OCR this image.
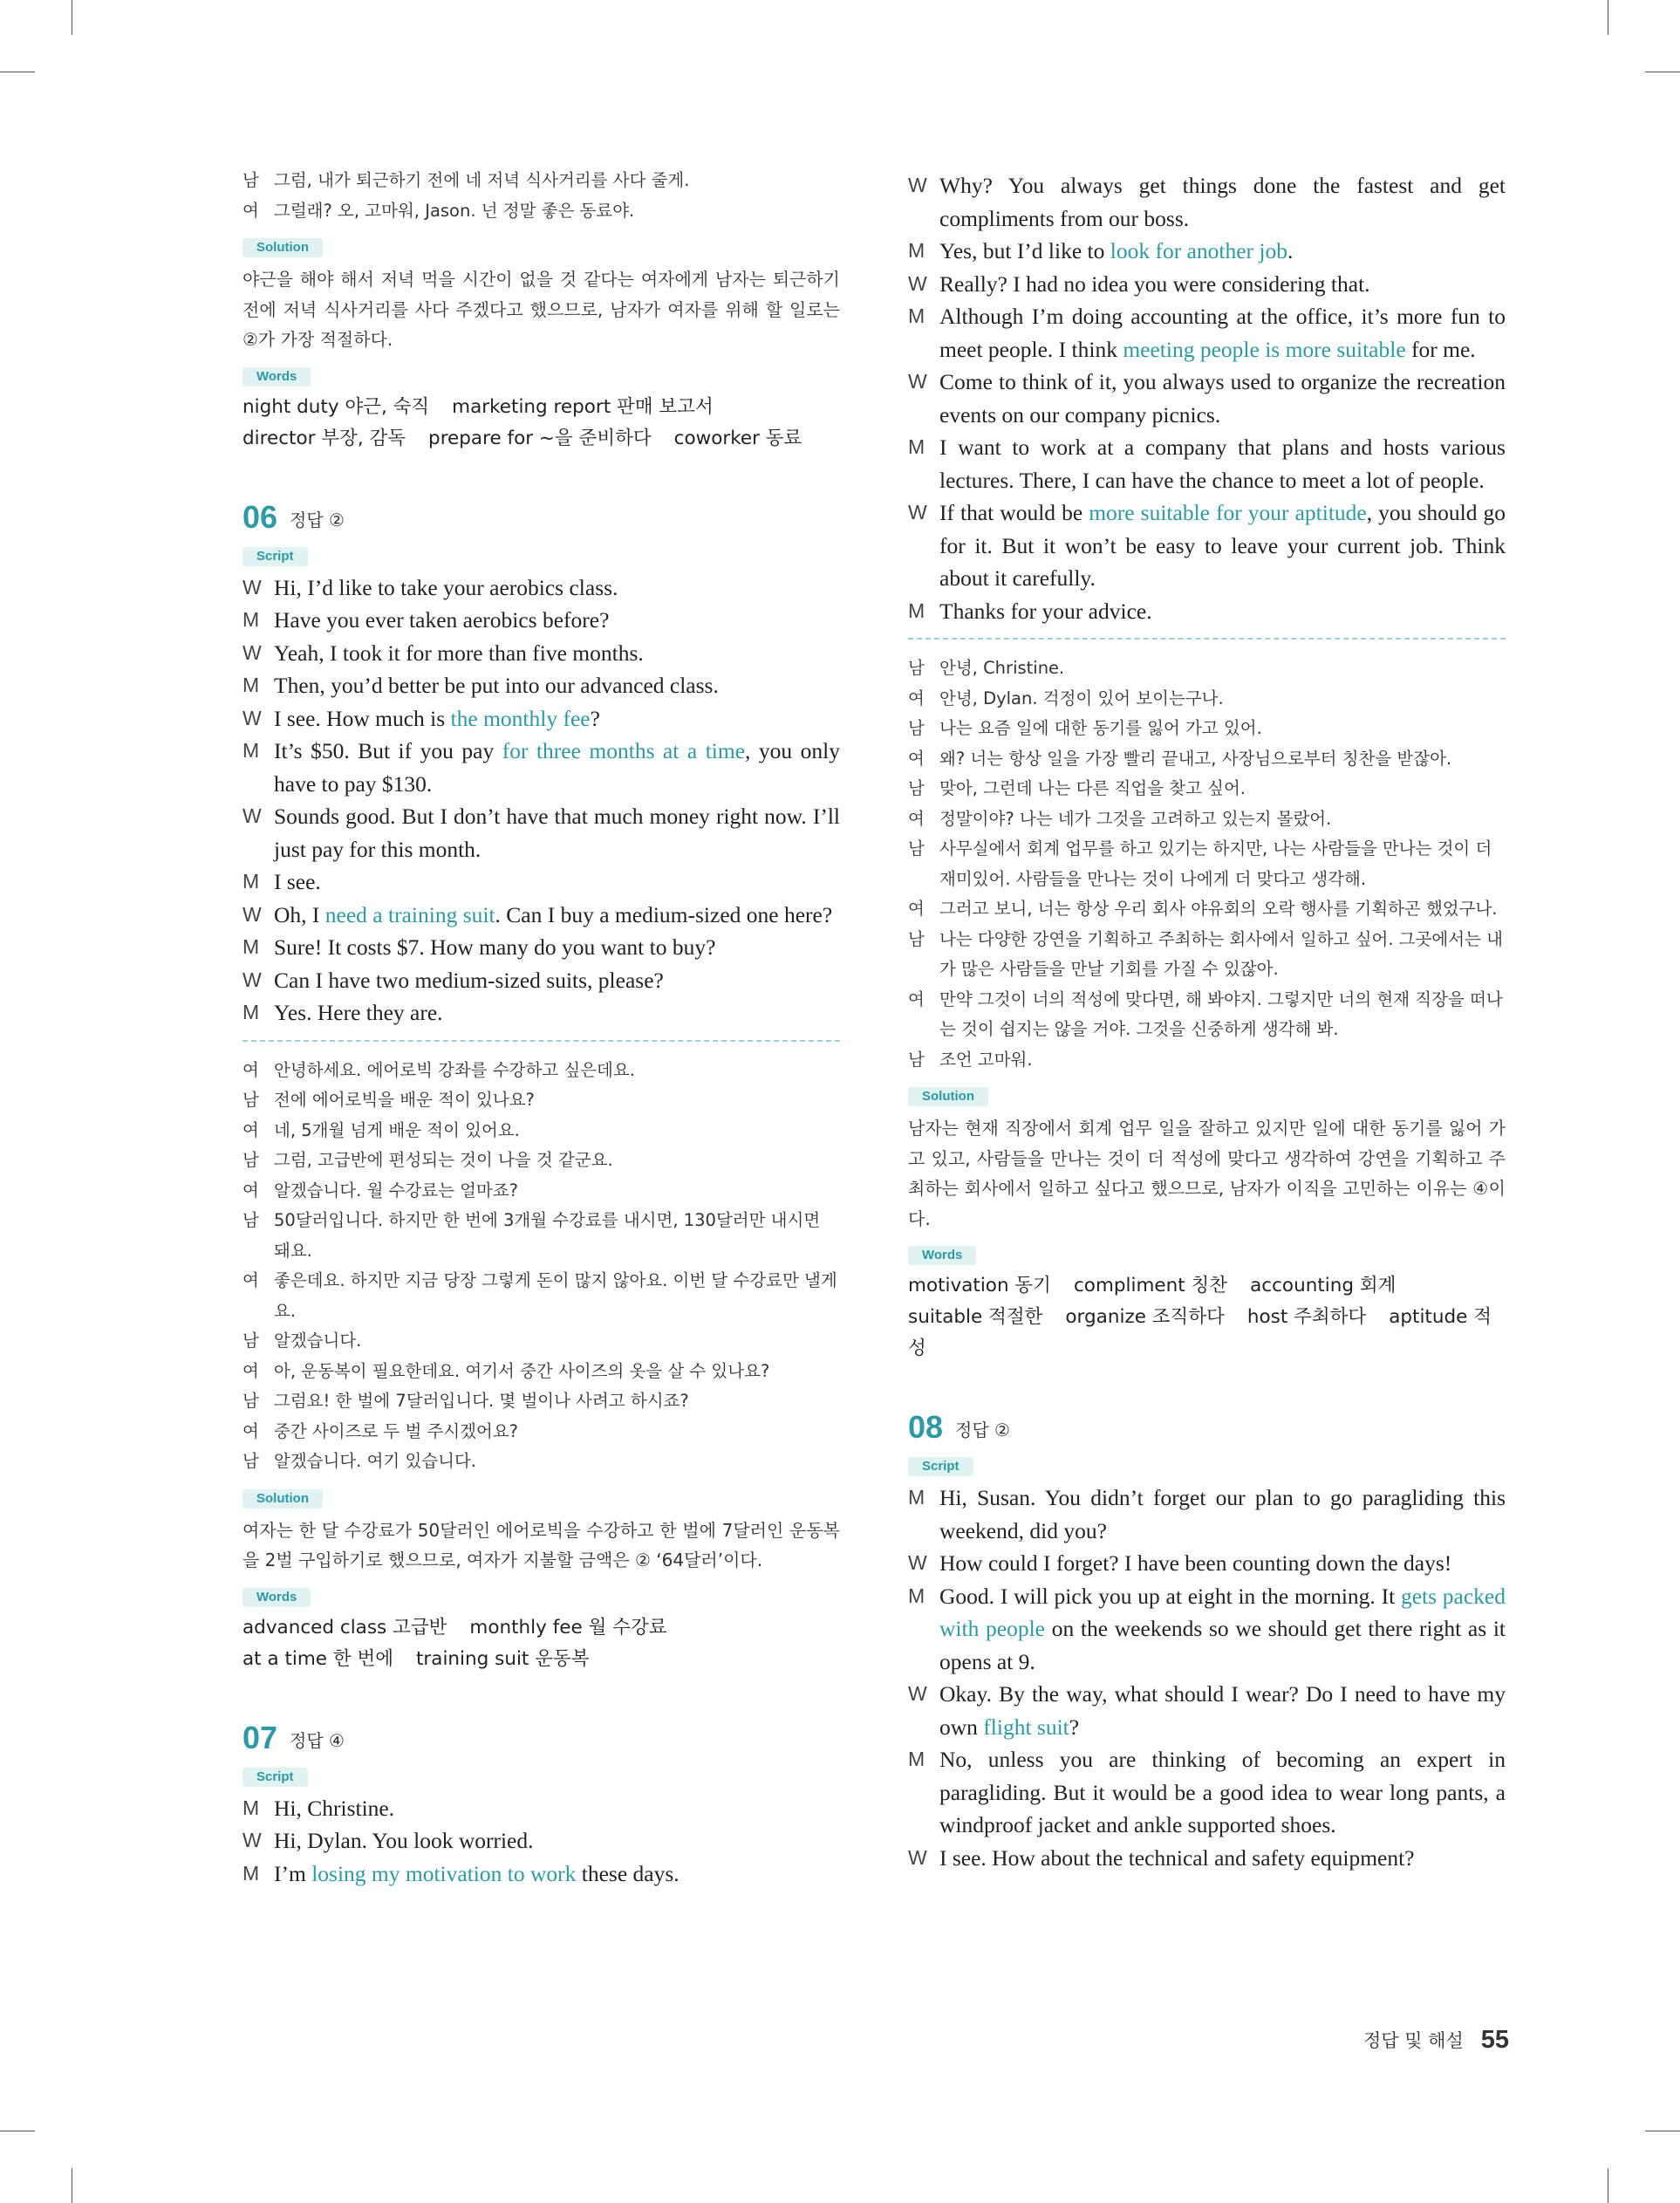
남 그럼, 내가 퇴근하기 전에 네 저녁 식사거리를 사다 줄게.
여 그럴래? 오, 고마워, Jason. 넌 정말 좋은 동료야.
Solution
야근을 해야 해서 저녁 먹을 시간이 없을 것 같다는 여자에게 남자는 퇴근하기 전에 저녁 식사거리를 사다 주겠다고 했으므로, 남자가 여자를 위해 할 일로는 ②가 가장 적절하다.
Words
night duty 야근, 숙직 marketing report 판매 보고서
director 부장, 감독 prepare for ~을 준비하다 coworker 동료
06 정답 ②
Script
W Hi, I’d like to take your aerobics class.
M Have you ever taken aerobics before?
W Yeah, I took it for more than five months.
M Then, you’d better be put into our advanced class.
W I see. How much is the monthly fee?
M It’s $50. But if you pay for three months at a time, you only have to pay $130.
W Sounds good. But I don’t have that much money right now. I’ll just pay for this month.
M I see.
W Oh, I need a training suit. Can I buy a medium-sized one here?
M Sure! It costs $7. How many do you want to buy?
W Can I have two medium-sized suits, please?
M Yes. Here they are.
여 안녕하세요. 에어로빅 강좌를 수강하고 싶은데요.
남 전에 에어로빅을 배운 적이 있나요?
여 네, 5개월 넘게 배운 적이 있어요.
남 그럼, 고급반에 편성되는 것이 나을 것 같군요.
여 알겠습니다. 월 수강료는 얼마죠?
남 50달러입니다. 하지만 한 번에 3개월 수강료를 내시면, 130달러만 내시면 돼요.
여 좋은데요. 하지만 지금 당장 그렇게 돈이 많지 않아요. 이번 달 수강료만 낼게요.
남 알겠습니다.
여 아, 운동복이 필요한데요. 여기서 중간 사이즈의 옷을 살 수 있나요?
남 그럼요! 한 벌에 7달러입니다. 몇 벌이나 사려고 하시죠?
여 중간 사이즈로 두 벌 주시겠어요?
남 알겠습니다. 여기 있습니다.
Solution
여자는 한 달 수강료가 50달러인 에어로빅을 수강하고 한 벌에 7달러인 운동복을 2벌 구입하기로 했으므로, 여자가 지불할 금액은 ② ‘64달러’이다.
Words
advanced class 고급반 monthly fee 월 수강료
at a time 한 번에 training suit 운동복
07 정답 ④
Script
M Hi, Christine.
W Hi, Dylan. You look worried.
M I’m losing my motivation to work these days.
W Why? You always get things done the fastest and get compliments from our boss.
M Yes, but I’d like to look for another job.
W Really? I had no idea you were considering that.
M Although I’m doing accounting at the office, it’s more fun to meet people. I think meeting people is more suitable for me.
W Come to think of it, you always used to organize the recreation events on our company picnics.
M I want to work at a company that plans and hosts various lectures. There, I can have the chance to meet a lot of people.
W If that would be more suitable for your aptitude, you should go for it. But it won’t be easy to leave your current job. Think about it carefully.
M Thanks for your advice.
남 안녕, Christine.
여 안녕, Dylan. 걱정이 있어 보이는구나.
남 나는 요즘 일에 대한 동기를 잃어 가고 있어.
여 왜? 너는 항상 일을 가장 빨리 끝내고, 사장님으로부터 칭찬을 받잖아.
남 맞아, 그런데 나는 다른 직업을 찾고 싶어.
여 정말이야? 나는 네가 그것을 고려하고 있는지 몰랐어.
남 사무실에서 회계 업무를 하고 있기는 하지만, 나는 사람들을 만나는 것이 더 재미있어. 사람들을 만나는 것이 나에게 더 맞다고 생각해.
여 그러고 보니, 너는 항상 우리 회사 야유회의 오락 행사를 기획하곤 했었구나.
남 나는 다양한 강연을 기획하고 주최하는 회사에서 일하고 싶어. 그곳에서는 내가 많은 사람들을 만날 기회를 가질 수 있잖아.
여 만약 그것이 너의 적성에 맞다면, 해 봐야지. 그렇지만 너의 현재 직장을 떠나는 것이 쉽지는 않을 거야. 그것을 신중하게 생각해 봐.
남 조언 고마워.
Solution
남자는 현재 직장에서 회계 업무 일을 잘하고 있지만 일에 대한 동기를 잃어 가고 있고, 사람들을 만나는 것이 더 적성에 맞다고 생각하여 강연을 기획하고 주최하는 회사에서 일하고 싶다고 했으므로, 남자가 이직을 고민하는 이유는 ④이다.
Words
motivation 동기 compliment 칭찬 accounting 회계
suitable 적절한 organize 조직하다 host 주최하다 aptitude 적성
08 정답 ②
Script
M Hi, Susan. You didn’t forget our plan to go paragliding this weekend, did you?
W How could I forget? I have been counting down the days!
M Good. I will pick you up at eight in the morning. It gets packed with people on the weekends so we should get there right as it opens at 9.
W Okay. By the way, what should I wear? Do I need to have my own flight suit?
M No, unless you are thinking of becoming an expert in paragliding. But it would be a good idea to wear long pants, a windproof jacket and ankle supported shoes.
W I see. How about the technical and safety equipment?
정답 및 해설 55
